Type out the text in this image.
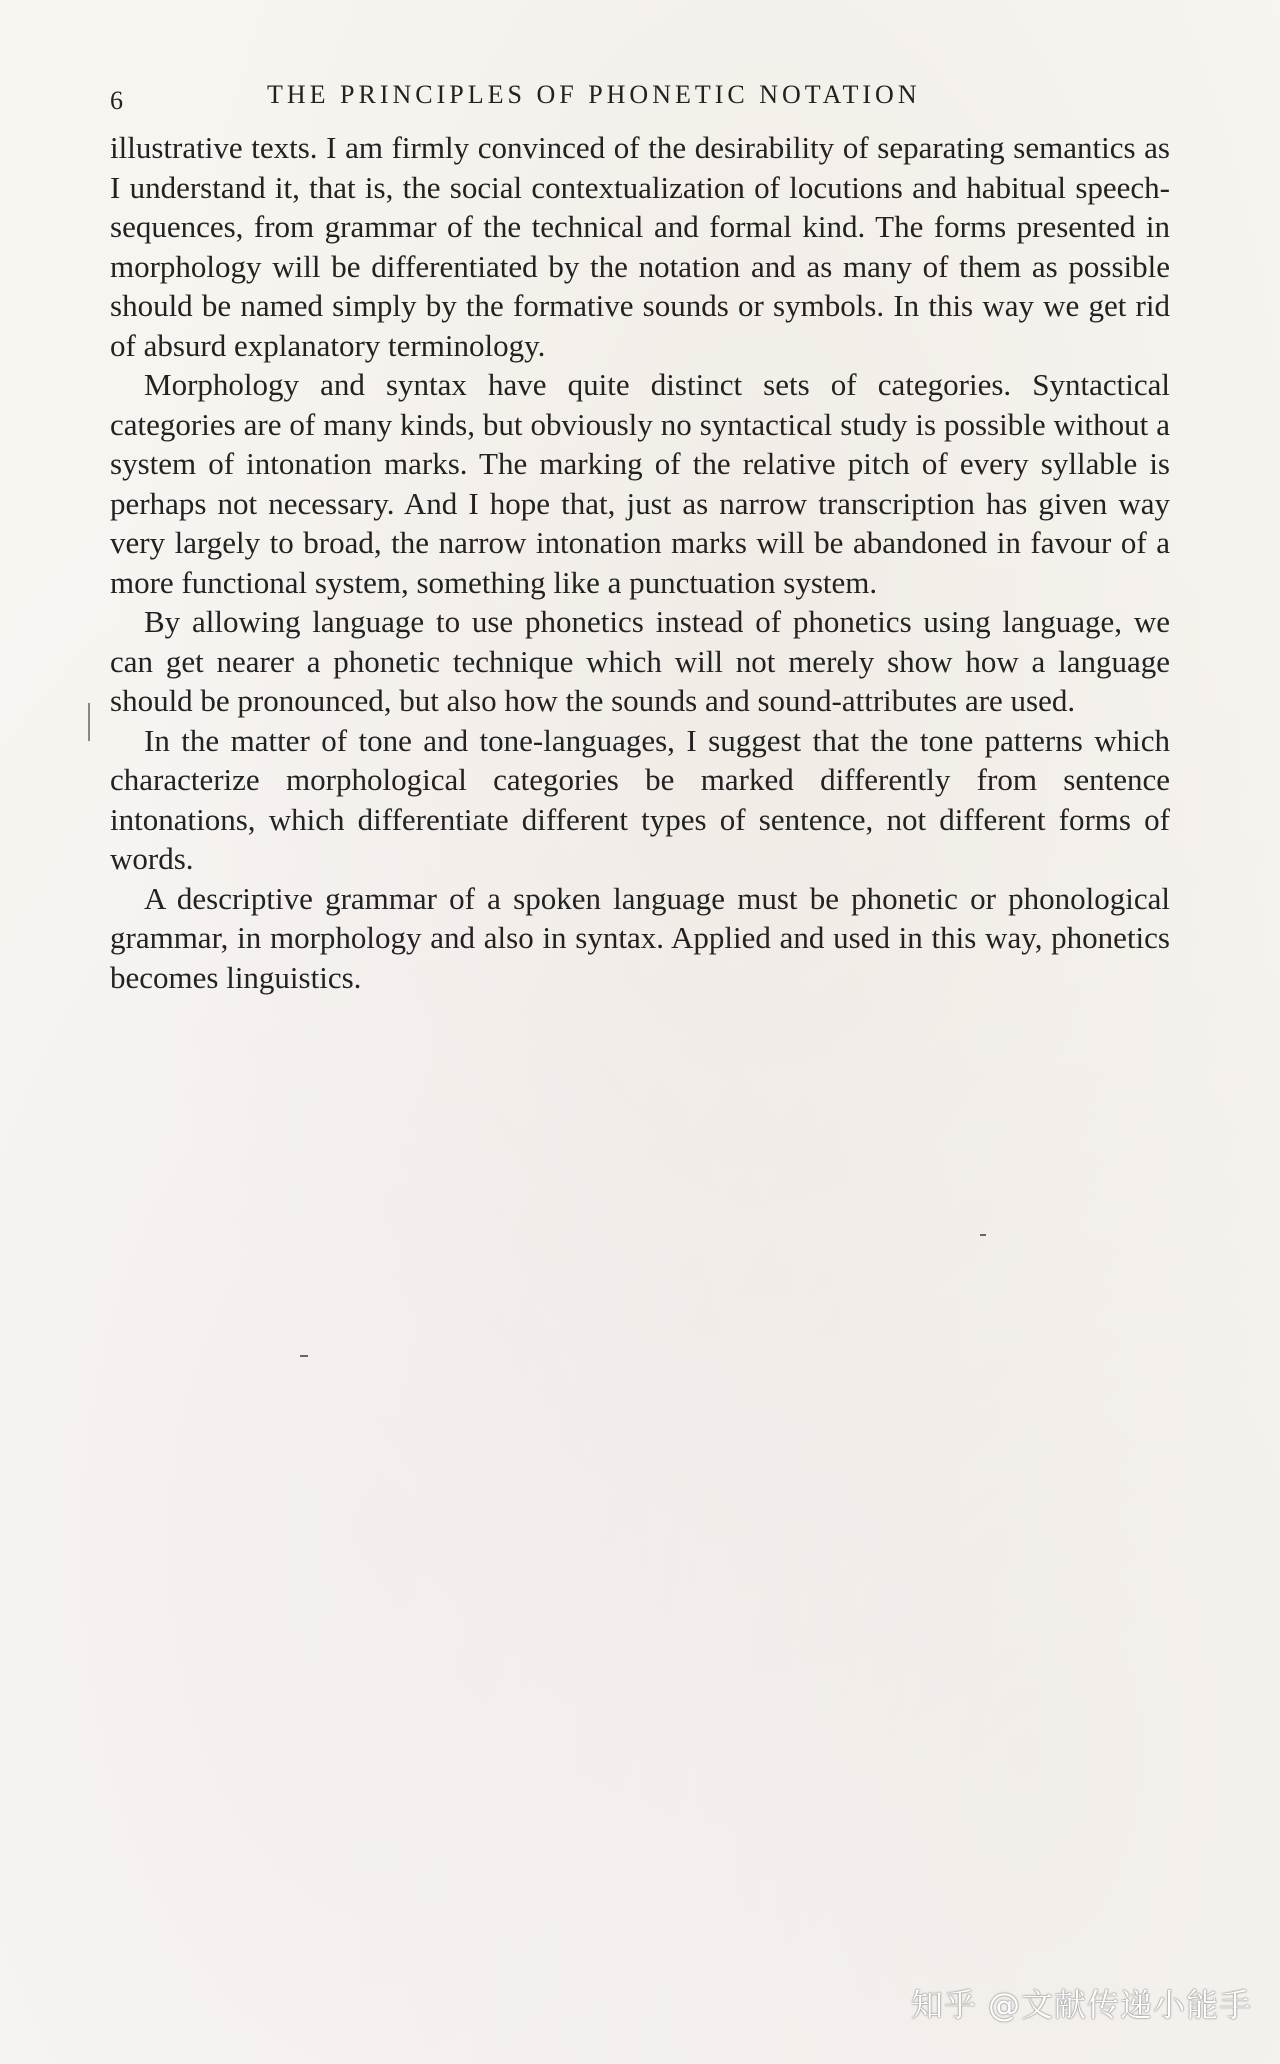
6	THE PRINCIPLES OF PHONETIC NOTATION

illustrative texts. I am firmly convinced of the desirability of separating semantics as I understand it, that is, the social contextualization of locutions and habitual speech-sequences, from grammar of the technical and formal kind. The forms presented in morphology will be differentiated by the notation and as many of them as possible should be named simply by the formative sounds or symbols. In this way we get rid of absurd explanatory terminology.

Morphology and syntax have quite distinct sets of categories. Syntactical categories are of many kinds, but obviously no syntactical study is possible without a system of intonation marks. The marking of the relative pitch of every syllable is perhaps not necessary. And I hope that, just as narrow transcription has given way very largely to broad, the narrow intonation marks will be abandoned in favour of a more functional system, something like a punctuation system.

By allowing language to use phonetics instead of phonetics using language, we can get nearer a phonetic technique which will not merely show how a language should be pronounced, but also how the sounds and sound-attributes are used.

In the matter of tone and tone-languages, I suggest that the tone patterns which characterize morphological categories be marked differently from sentence intonations, which differentiate different types of sentence, not different forms of words.

A descriptive grammar of a spoken language must be phonetic or phonological grammar, in morphology and also in syntax. Applied and used in this way, phonetics becomes linguistics.

知乎 @文献传递小能手
